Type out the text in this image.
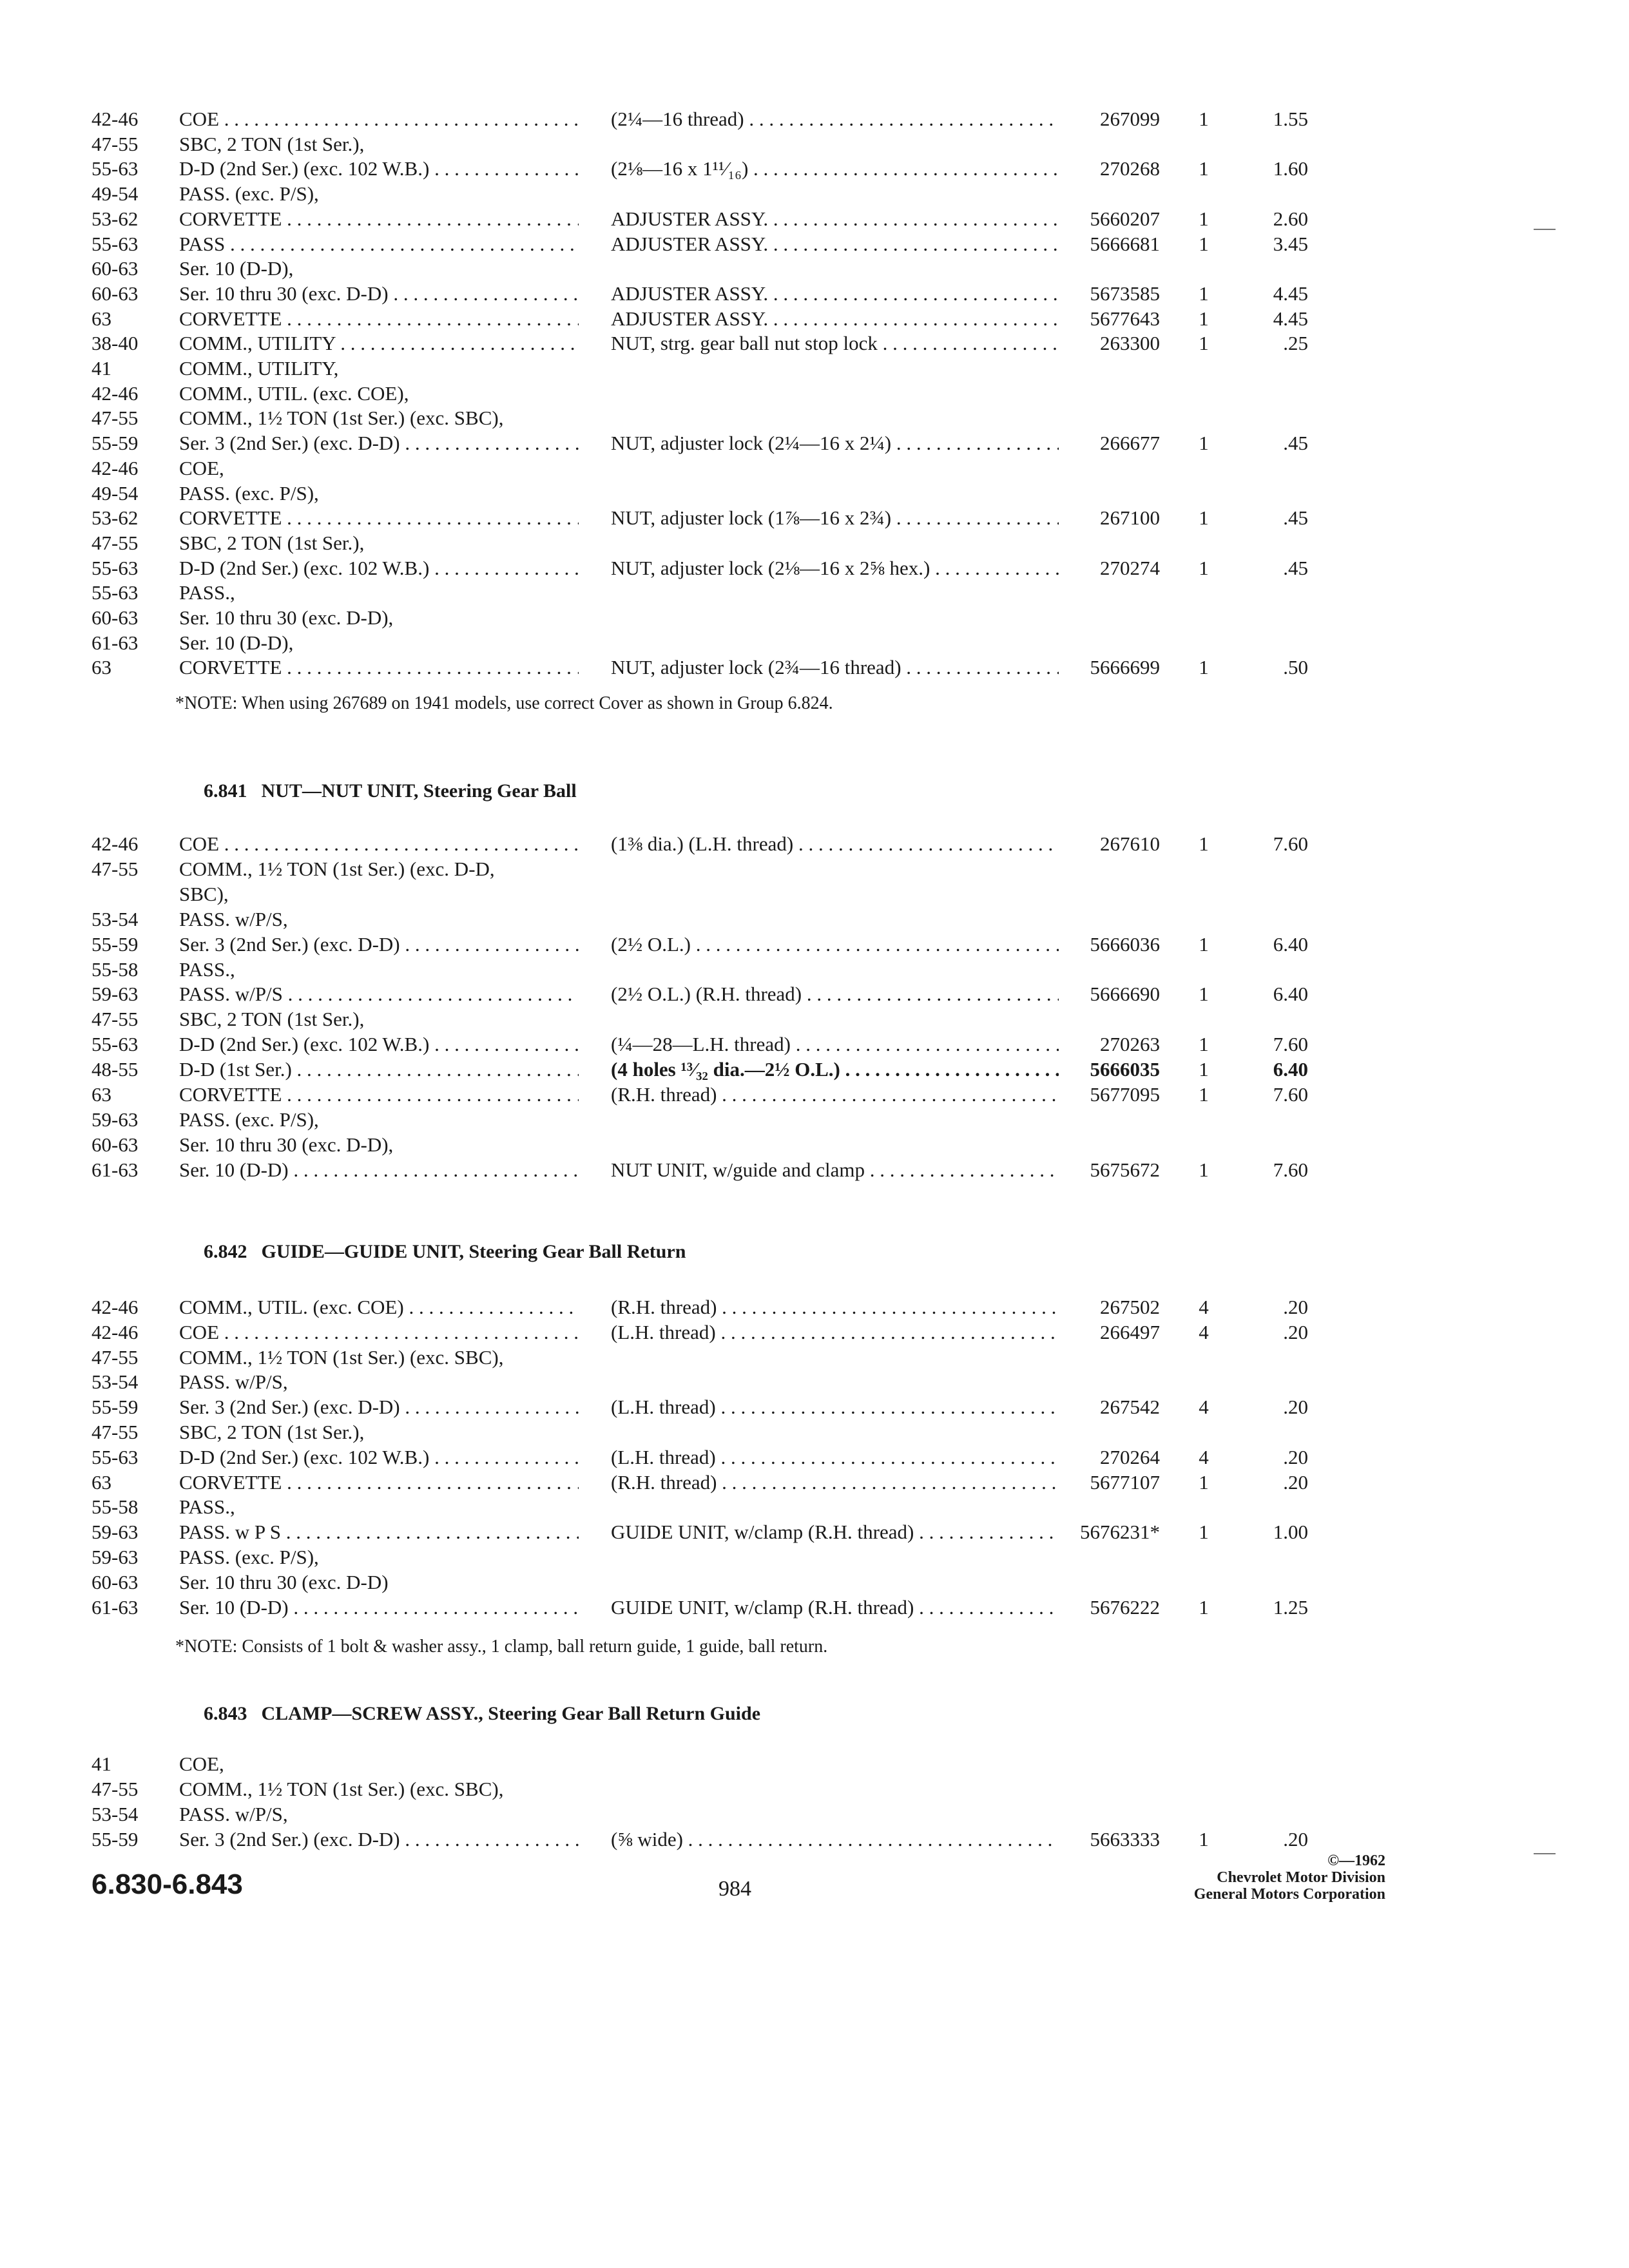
42-46 COE . . .	(2¼—16 thread) . . .	267099	1	1.55
47-55 SBC, 2 TON (1st Ser.),
55-63 D-D (2nd Ser.) (exc. 102 W.B.) . . .	(2⅛—16 x 1¹¹⁄₁₆) . . .	270268	1	1.60
49-54 PASS. (exc. P/S),
53-62 CORVETTE . . .	ADJUSTER ASSY. . . .	5660207	1	2.60
55-63 PASS . . .	ADJUSTER ASSY. . . .	5666681	1	3.45
60-63 Ser. 10 (D-D),
60-63 Ser. 10 thru 30 (exc. D-D) . . .	ADJUSTER ASSY. . . .	5673585	1	4.45
63	CORVETTE . . .	ADJUSTER ASSY. . . .	5677643	1	4.45
38-40 COMM., UTILITY . . .	NUT, strg. gear ball nut stop lock . . .	263300	1	.25
41	COMM., UTILITY,
42-46 COMM., UTIL. (exc. COE),
47-55 COMM., 1½ TON (1st Ser.) (exc. SBC),
55-59 Ser. 3 (2nd Ser.) (exc. D-D) . . .	NUT, adjuster lock (2¼—16 x 2¼) . . .	266677	1	.45
42-46 COE,
49-54 PASS. (exc. P/S),
53-62 CORVETTE . . .	NUT, adjuster lock (1⅞—16 x 2¾) . . .	267100	1	.45
47-55 SBC, 2 TON (1st Ser.),
55-63 D-D (2nd Ser.) (exc. 102 W.B.) . . .	NUT, adjuster lock (2⅛—16 x 2⅝ hex.) . . .	270274	1	.45
55-63 PASS.,
60-63 Ser. 10 thru 30 (exc. D-D),
61-63 Ser. 10 (D-D),
63	CORVETTE . . .	NUT, adjuster lock (2¾—16 thread) . . .	5666699	1	.50
*NOTE: When using 267689 on 1941 models, use correct Cover as shown in Group 6.824.
6.841 NUT—NUT UNIT, Steering Gear Ball
42-46 COE . . .	(1⅜ dia.) (L.H. thread) . . .	267610	1	7.60
47-55 COMM., 1½ TON (1st Ser.) (exc. D-D,
SBC),
53-54 PASS. w/P/S,
55-59 Ser. 3 (2nd Ser.) (exc. D-D) . . .	(2½ O.L.) . . .	5666036	1	6.40
55-58 PASS.,
59-63 PASS. w/P/S . . .	(2½ O.L.) (R.H. thread) . . .	5666690	1	6.40
47-55 SBC, 2 TON (1st Ser.),
55-63 D-D (2nd Ser.) (exc. 102 W.B.) . . .	(¼—28—L.H. thread) . . .	270263	1	7.60
48-55 D-D (1st Ser.) . . .	(4 holes ¹³⁄₃₂ dia.—2½ O.L.) . . .	5666035	1	6.40
63	CORVETTE . . .	(R.H. thread) . . .	5677095	1	7.60
59-63 PASS. (exc. P/S),
60-63 Ser. 10 thru 30 (exc. D-D),
61-63 Ser. 10 (D-D) . . .	NUT UNIT, w/guide and clamp . . .	5675672	1	7.60
6.842 GUIDE—GUIDE UNIT, Steering Gear Ball Return
42-46 COMM., UTIL. (exc. COE) . . .	(R.H. thread) . . .	267502	4	.20
42-46 COE . . .	(L.H. thread) . . .	266497	4	.20
47-55 COMM., 1½ TON (1st Ser.) (exc. SBC),
53-54 PASS. w/P/S,
55-59 Ser. 3 (2nd Ser.) (exc. D-D) . . .	(L.H. thread) . . .	267542	4	.20
47-55 SBC, 2 TON (1st Ser.),
55-63 D-D (2nd Ser.) (exc. 102 W.B.) . . .	(L.H. thread) . . .	270264	4	.20
63	CORVETTE . . .	(R.H. thread) . . .	5677107	1	.20
55-58 PASS.,
59-63 PASS. w P S . . .	GUIDE UNIT, w/clamp (R.H. thread) . . .	5676231*	1	1.00
59-63 PASS. (exc. P/S),
60-63 Ser. 10 thru 30 (exc. D-D)
61-63 Ser. 10 (D-D) . . .	GUIDE UNIT, w/clamp (R.H. thread) . . .	5676222	1	1.25
*NOTE: Consists of 1 bolt & washer assy., 1 clamp, ball return guide, 1 guide, ball return.
6.843 CLAMP—SCREW ASSY., Steering Gear Ball Return Guide
41	COE,
47-55 COMM., 1½ TON (1st Ser.) (exc. SBC),
53-54 PASS. w/P/S,
55-59 Ser. 3 (2nd Ser.) (exc. D-D) . . .	(⅝ wide) . . .	5663333	1	.20
6.830-6.843	984
©—1962
Chevrolet Motor Division
General Motors Corporation
